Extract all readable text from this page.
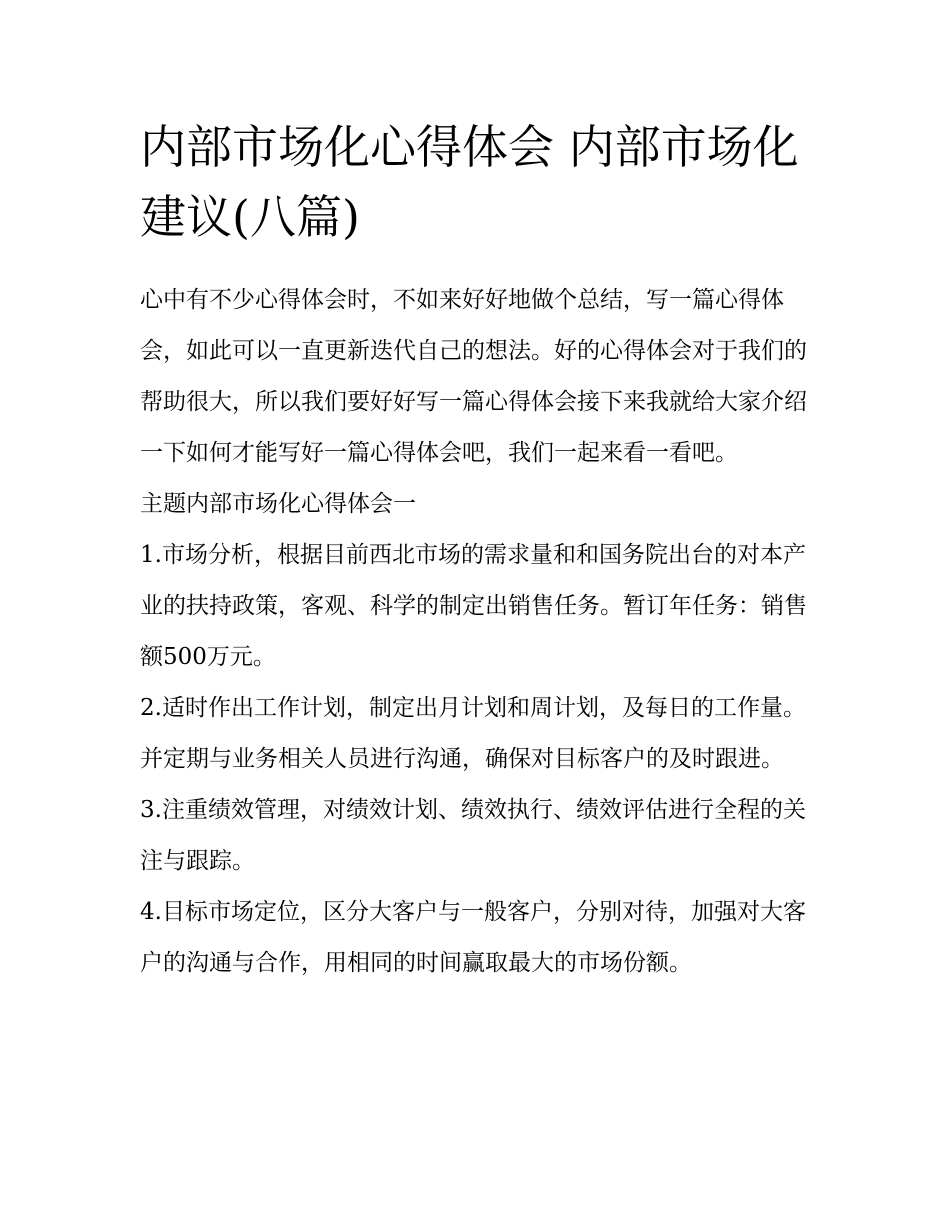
内部市场化心得体会 内部市场化建议(八篇)

心中有不少心得体会时，不如来好好地做个总结，写一篇心得体会，如此可以一直更新迭代自己的想法。好的心得体会对于我们的帮助很大，所以我们要好好写一篇心得体会接下来我就给大家介绍一下如何才能写好一篇心得体会吧，我们一起来看一看吧。

主题内部市场化心得体会一

1.市场分析，根据目前西北市场的需求量和和国务院出台的对本产业的扶持政策，客观、科学的制定出销售任务。暂订年任务：销售额500万元。

2.适时作出工作计划，制定出月计划和周计划，及每日的工作量。并定期与业务相关人员进行沟通，确保对目标客户的及时跟进。

3.注重绩效管理，对绩效计划、绩效执行、绩效评估进行全程的关注与跟踪。

4.目标市场定位，区分大客户与一般客户，分别对待，加强对大客户的沟通与合作，用相同的时间赢取最大的市场份额。
